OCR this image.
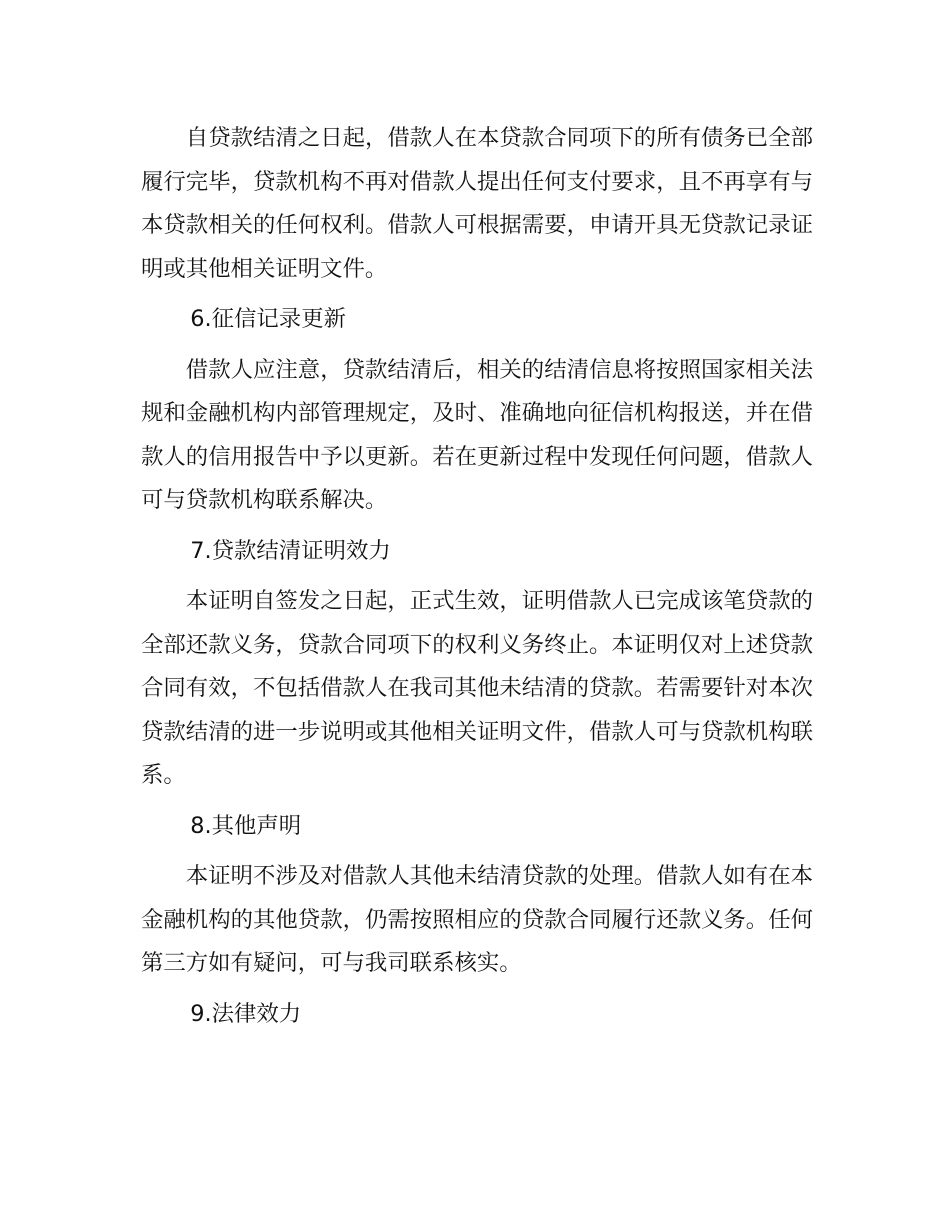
自贷款结清之日起，借款人在本贷款合同项下的所有债务已全部履行完毕，贷款机构不再对借款人提出任何支付要求，且不再享有与本贷款相关的任何权利。借款人可根据需要，申请开具无贷款记录证明或其他相关证明文件。

6.征信记录更新

借款人应注意，贷款结清后，相关的结清信息将按照国家相关法规和金融机构内部管理规定，及时、准确地向征信机构报送，并在借款人的信用报告中予以更新。若在更新过程中发现任何问题，借款人可与贷款机构联系解决。

7.贷款结清证明效力

本证明自签发之日起，正式生效，证明借款人已完成该笔贷款的全部还款义务，贷款合同项下的权利义务终止。本证明仅对上述贷款合同有效，不包括借款人在我司其他未结清的贷款。若需要针对本次贷款结清的进一步说明或其他相关证明文件，借款人可与贷款机构联系。

8.其他声明

本证明不涉及对借款人其他未结清贷款的处理。借款人如有在本金融机构的其他贷款，仍需按照相应的贷款合同履行还款义务。任何第三方如有疑问，可与我司联系核实。

9.法律效力
